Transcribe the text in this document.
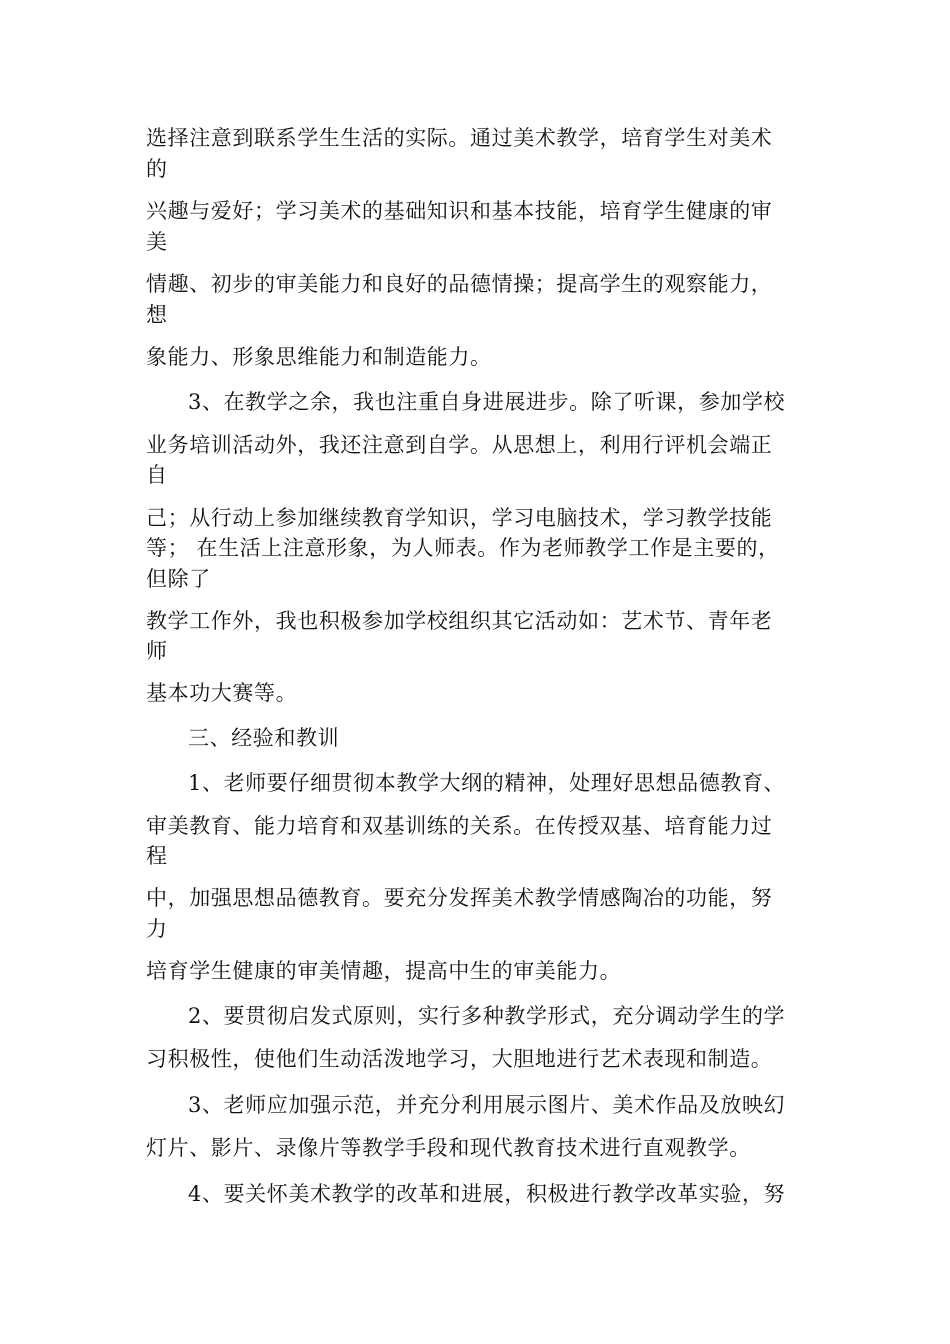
选择注意到联系学生生活的实际。通过美术教学，培育学生对美术
的
兴趣与爱好；学习美术的基础知识和基本技能，培育学生健康的审
美
情趣、初步的审美能力和良好的品德情操；提高学生的观察能力，
想
象能力、形象思维能力和制造能力。
3、在教学之余，我也注重自身进展进步。除了听课，参加学校
业务培训活动外，我还注意到自学。从思想上，利用行评机会端正
自
己；从行动上参加继续教育学知识，学习电脑技术，学习教学技能
等； 在生活上注意形象，为人师表。作为老师教学工作是主要的，
但除了
教学工作外，我也积极参加学校组织其它活动如：艺术节、青年老
师
基本功大赛等。
三、经验和教训
1、老师要仔细贯彻本教学大纲的精神，处理好思想品德教育、
审美教育、能力培育和双基训练的关系。在传授双基、培育能力过
程
中，加强思想品德教育。要充分发挥美术教学情感陶冶的功能，努
力
培育学生健康的审美情趣，提高中生的审美能力。
2、要贯彻启发式原则，实行多种教学形式，充分调动学生的学
习积极性，使他们生动活泼地学习，大胆地进行艺术表现和制造。
3、老师应加强示范，并充分利用展示图片、美术作品及放映幻
灯片、影片、录像片等教学手段和现代教育技术进行直观教学。
4、要关怀美术教学的改革和进展，积极进行教学改革实验，努
